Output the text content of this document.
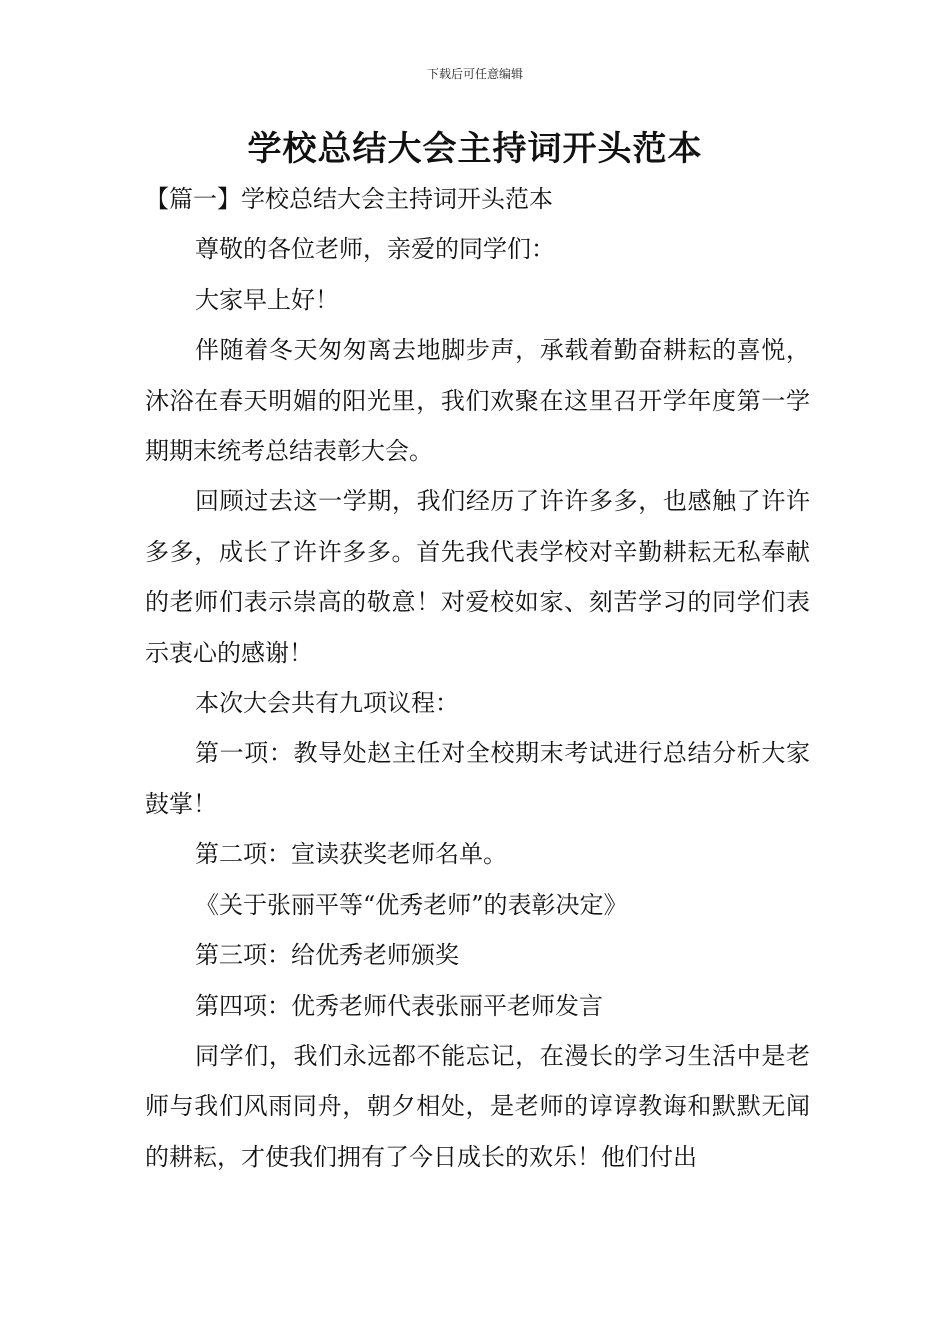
下载后可任意编辑
学校总结大会主持词开头范本

【篇一】学校总结大会主持词开头范本

尊敬的各位老师，亲爱的同学们：

大家早上好！

伴随着冬天匆匆离去地脚步声，承载着勤奋耕耘的喜悦，沐浴在春天明媚的阳光里，我们欢聚在这里召开学年度第一学期期末统考总结表彰大会。

回顾过去这一学期，我们经历了许许多多，也感触了许许多多，成长了许许多多。首先我代表学校对辛勤耕耘无私奉献的老师们表示崇高的敬意！对爱校如家、刻苦学习的同学们表示衷心的感谢！

本次大会共有九项议程：

第一项：教导处赵主任对全校期末考试进行总结分析大家鼓掌！

第二项：宣读获奖老师名单。

《关于张丽平等“优秀老师”的表彰决定》

第三项：给优秀老师颁奖

第四项：优秀老师代表张丽平老师发言

同学们，我们永远都不能忘记，在漫长的学习生活中是老师与我们风雨同舟，朝夕相处，是老师的谆谆教诲和默默无闻的耕耘，才使我们拥有了今日成长的欢乐！他们付出
